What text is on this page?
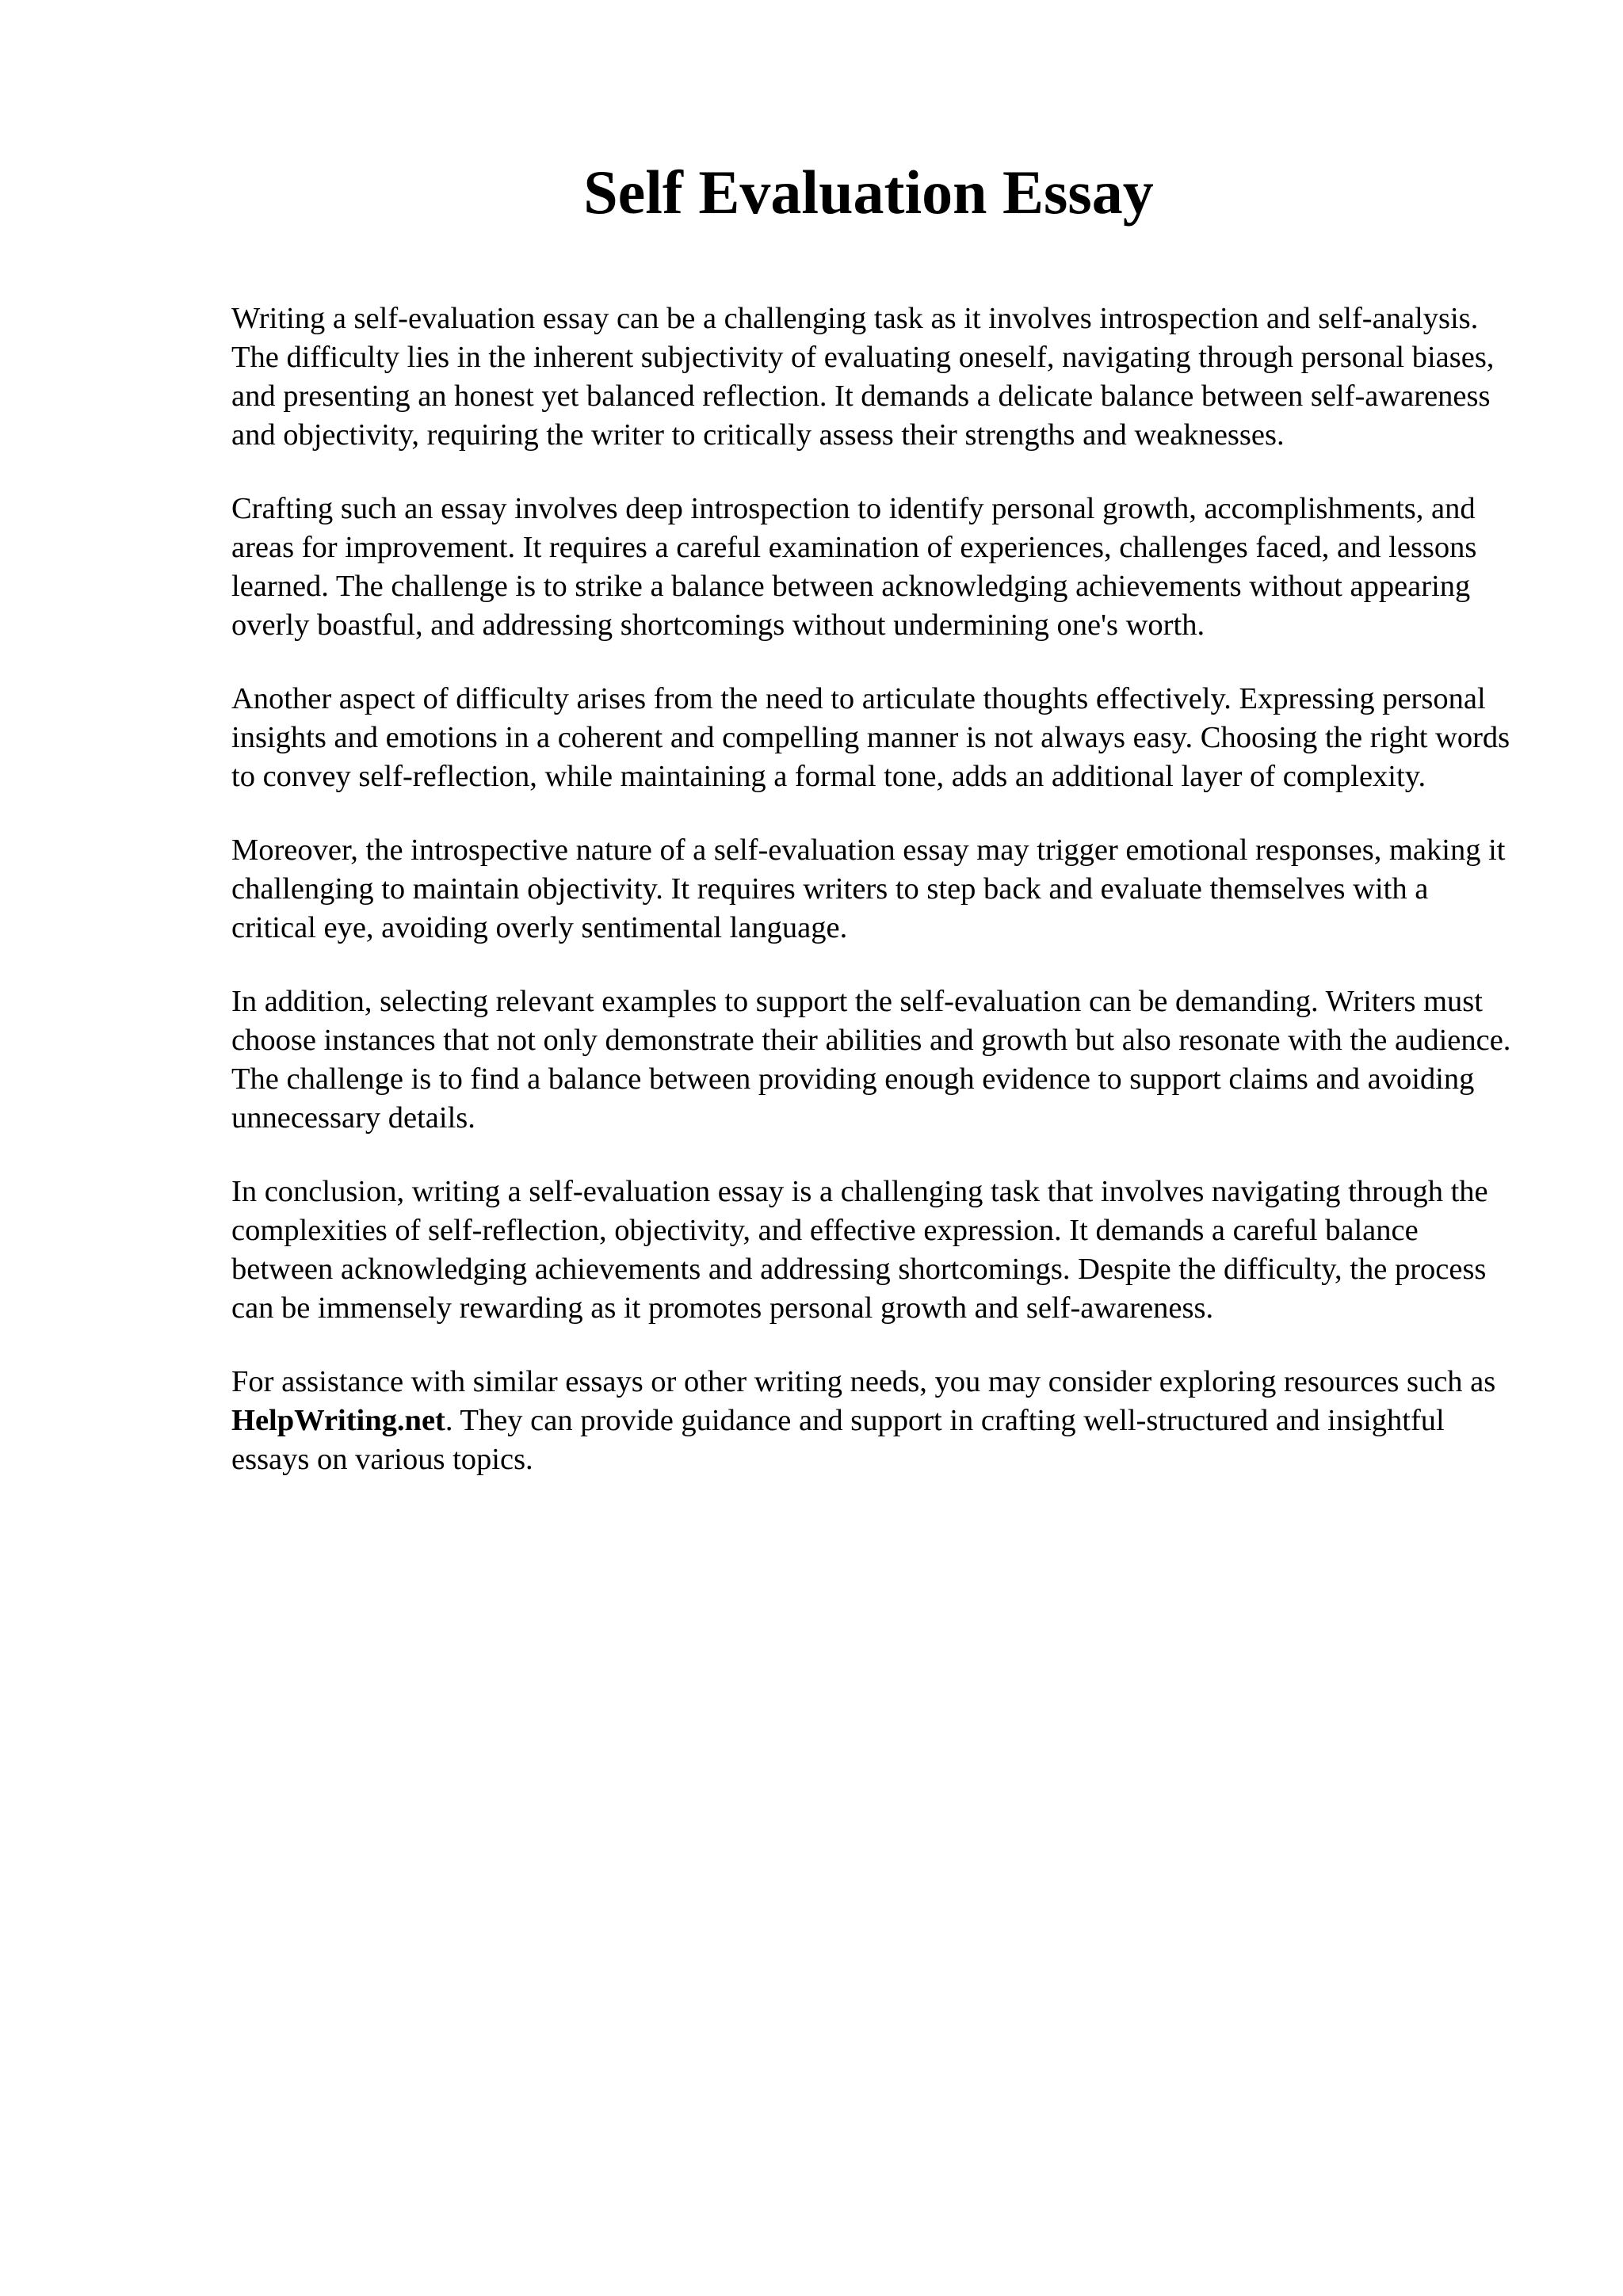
Self Evaluation Essay

Writing a self-evaluation essay can be a challenging task as it involves introspection and self-analysis. The difficulty lies in the inherent subjectivity of evaluating oneself, navigating through personal biases, and presenting an honest yet balanced reflection. It demands a delicate balance between self-awareness and objectivity, requiring the writer to critically assess their strengths and weaknesses.

Crafting such an essay involves deep introspection to identify personal growth, accomplishments, and areas for improvement. It requires a careful examination of experiences, challenges faced, and lessons learned. The challenge is to strike a balance between acknowledging achievements without appearing overly boastful, and addressing shortcomings without undermining one's worth.

Another aspect of difficulty arises from the need to articulate thoughts effectively. Expressing personal insights and emotions in a coherent and compelling manner is not always easy. Choosing the right words to convey self-reflection, while maintaining a formal tone, adds an additional layer of complexity.

Moreover, the introspective nature of a self-evaluation essay may trigger emotional responses, making it challenging to maintain objectivity. It requires writers to step back and evaluate themselves with a critical eye, avoiding overly sentimental language.

In addition, selecting relevant examples to support the self-evaluation can be demanding. Writers must choose instances that not only demonstrate their abilities and growth but also resonate with the audience. The challenge is to find a balance between providing enough evidence to support claims and avoiding unnecessary details.

In conclusion, writing a self-evaluation essay is a challenging task that involves navigating through the complexities of self-reflection, objectivity, and effective expression. It demands a careful balance between acknowledging achievements and addressing shortcomings. Despite the difficulty, the process can be immensely rewarding as it promotes personal growth and self-awareness.

For assistance with similar essays or other writing needs, you may consider exploring resources such as HelpWriting.net. They can provide guidance and support in crafting well-structured and insightful essays on various topics.
